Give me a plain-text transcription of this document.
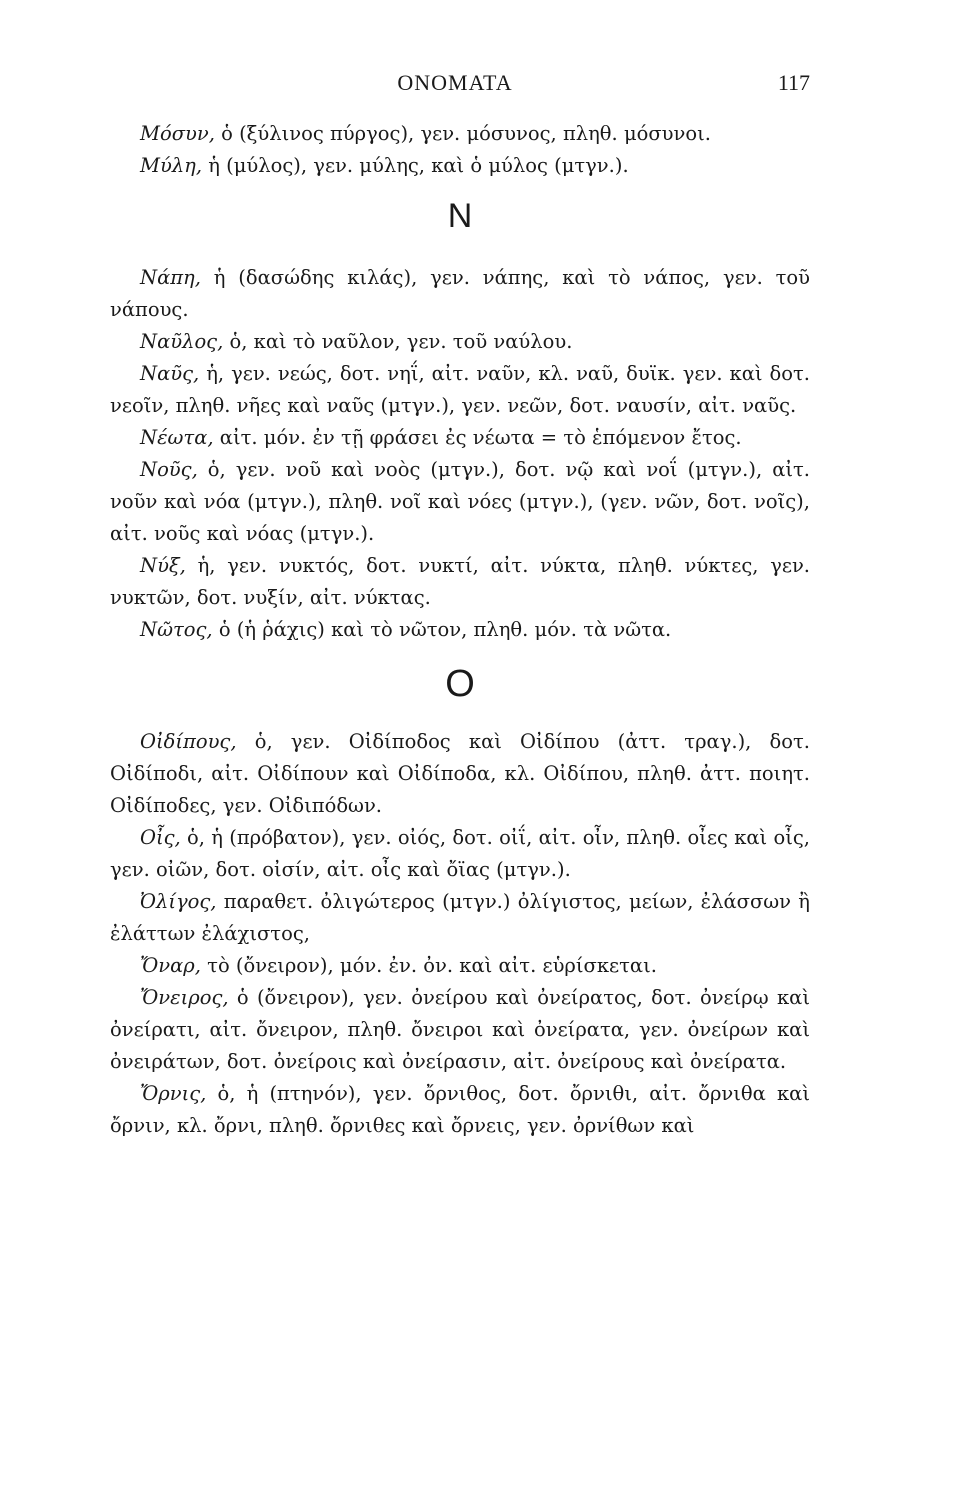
ΟΝΟΜΑΤΑ	117

Μόσυν, ὁ (ξύλινος πύργος), γεν. μόσυνος, πληθ. μόσυνοι.

Μύλη, ἡ (μύλος), γεν. μύλης, καὶ ὁ μύλος (μτγν.).

Ν

Νάπη, ἡ (δασώδης κιλάς), γεν. νάπης, καὶ τὸ νάπος, γεν. τοῦ νάπους.

Ναῦλος, ὁ, καὶ τὸ ναῦλον, γεν. τοῦ ναύλου.

Ναῦς, ἡ, γεν. νεώς, δοτ. νηΐ, αἰτ. ναῦν, κλ. ναῦ, δυϊκ. γεν. καὶ δοτ. νεοῖν, πληθ. νῆες καὶ ναῦς (μτγν.), γεν. νεῶν, δοτ. ναυσίν, αἰτ. ναῦς.

Νέωτα, αἰτ. μόν. ἐν τῇ φράσει ἐς νέωτα = τὸ ἑπόμενον ἔτος.

Νοῦς, ὁ, γεν. νοῦ καὶ νοὸς (μτγν.), δοτ. νῷ καὶ νοΐ (μτγν.), αἰτ. νοῦν καὶ νόα (μτγν.), πληθ. νοῖ καὶ νόες (μτγν.), (γεν. νῶν, δοτ. νοῖς), αἰτ. νοῦς καὶ νόας (μτγν.).

Νύξ, ἡ, γεν. νυκτός, δοτ. νυκτί, αἰτ. νύκτα, πληθ. νύκτες, γεν. νυκτῶν, δοτ. νυξίν, αἰτ. νύκτας.

Νῶτος, ὁ (ἡ ῥάχις) καὶ τὸ νῶτον, πληθ. μόν. τὰ νῶτα.

Ο

Οἰδίπους, ὁ, γεν. Οἰδίποδος καὶ Οἰδίπου (ἀττ. τραγ.), δοτ. Οἰδίποδι, αἰτ. Οἰδίπουν καὶ Οἰδίποδα, κλ. Οἰδίπου, πληθ. ἀττ. ποιητ. Οἰδίποδες, γεν. Οἰδιπόδων.

Οἶς, ὁ, ἡ (πρόβατον), γεν. οἰός, δοτ. οἰΐ, αἰτ. οἶν, πληθ. οἶες καὶ οἶς, γεν. οἰῶν, δοτ. οἰσίν, αἰτ. οἶς καὶ ὄϊας (μτγν.).

Ὀλίγος, παραθετ. ὀλιγώτερος (μτγν.) ὀλίγιστος, μείων, ἐλάσσων ἢ ἐλάττων ἐλάχιστος,

Ὄναρ, τὸ (ὄνειρον), μόν. ἐν. ὀν. καὶ αἰτ. εὑρίσκεται.

Ὄνειρος, ὁ (ὄνειρον), γεν. ὀνείρου καὶ ὀνείρατος, δοτ. ὀνείρῳ καὶ ὀνείρατι, αἰτ. ὄνειρον, πληθ. ὄνειροι καὶ ὀνείρατα, γεν. ὀνείρων καὶ ὀνειράτων, δοτ. ὀνείροις καὶ ὀνείρασιν, αἰτ. ὀνείρους καὶ ὀνείρατα.

Ὄρνις, ὁ, ἡ (πτηνόν), γεν. ὄρνιθος, δοτ. ὄρνιθι, αἰτ. ὄρνιθα καὶ ὄρνιν, κλ. ὄρνι, πληθ. ὄρνιθες καὶ ὄρνεις, γεν. ὀρνίθων καὶ
